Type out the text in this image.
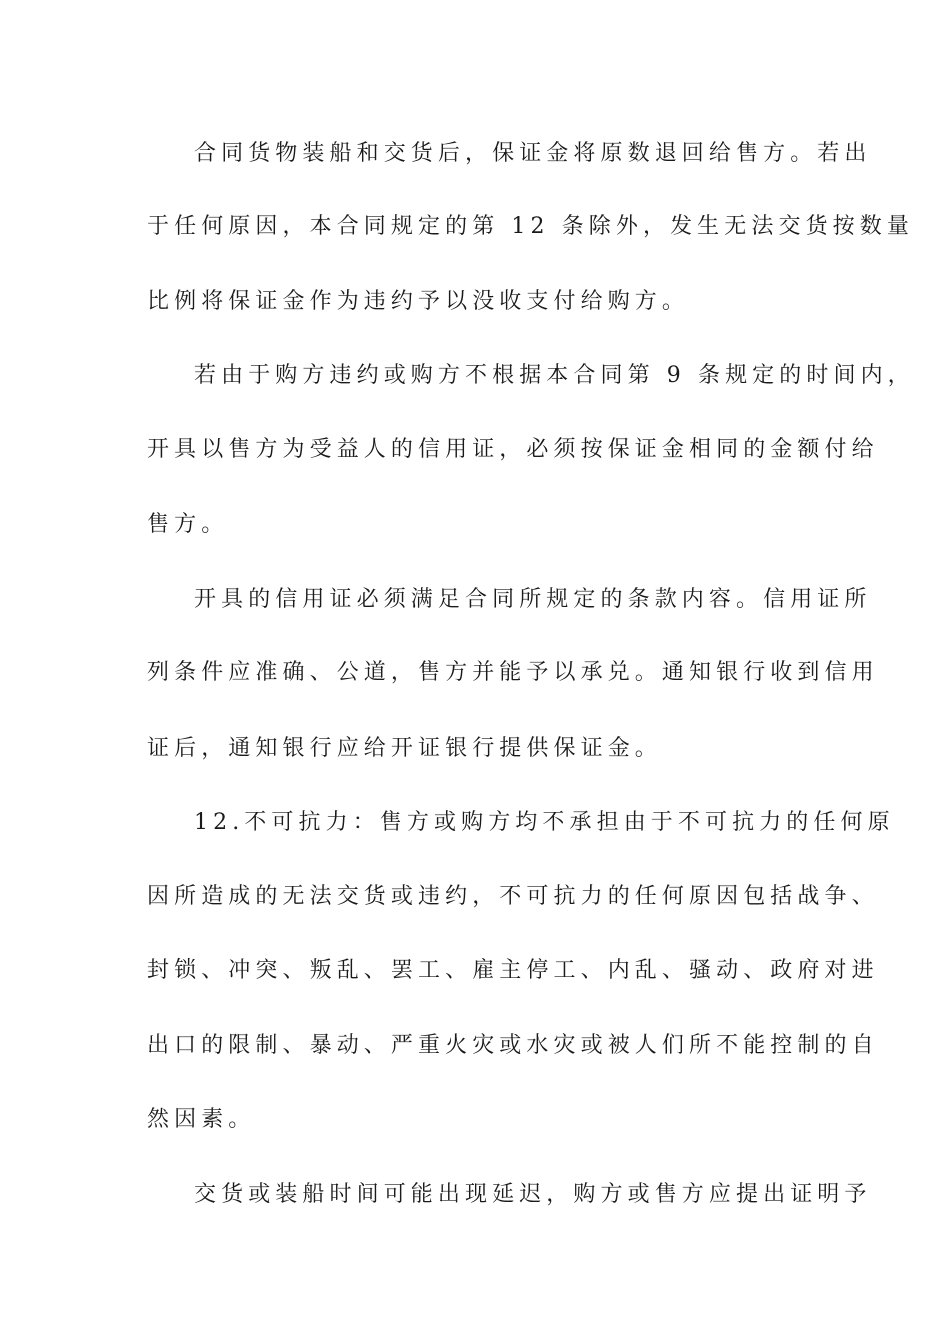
合同货物装船和交货后，保证金将原数退回给售方。若出
于任何原因，本合同规定的第 12 条除外，发生无法交货按数量
比例将保证金作为违约予以没收支付给购方。
若由于购方违约或购方不根据本合同第 9 条规定的时间内，
开具以售方为受益人的信用证，必须按保证金相同的金额付给
售方。
开具的信用证必须满足合同所规定的条款内容。信用证所
列条件应准确、公道，售方并能予以承兑。通知银行收到信用
证后，通知银行应给开证银行提供保证金。
12.不可抗力：售方或购方均不承担由于不可抗力的任何原
因所造成的无法交货或违约，不可抗力的任何原因包括战争、
封锁、冲突、叛乱、罢工、雇主停工、内乱、骚动、政府对进
出口的限制、暴动、严重火灾或水灾或被人们所不能控制的自
然因素。
交货或装船时间可能出现延迟，购方或售方应提出证明予
